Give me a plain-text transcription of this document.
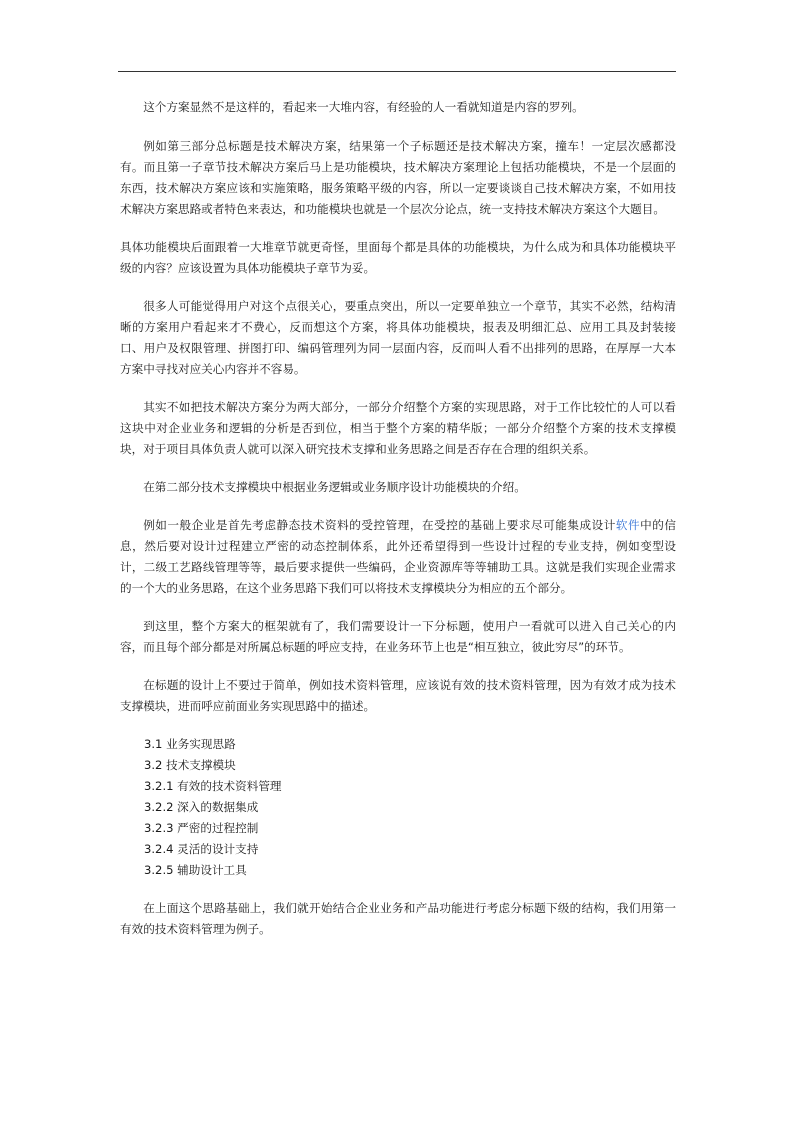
这个方案显然不是这样的，看起来一大堆内容，有经验的人一看就知道是内容的罗列。

例如第三部分总标题是技术解决方案，结果第一个子标题还是技术解决方案，撞车！一定层次感都没有。而且第一子章节技术解决方案后马上是功能模块，技术解决方案理论上包括功能模块，不是一个层面的东西，技术解决方案应该和实施策略，服务策略平级的内容，所以一定要谈谈自己技术解决方案，不如用技术解决方案思路或者特色来表达，和功能模块也就是一个层次分论点，统一支持技术解决方案这个大题目。

具体功能模块后面跟着一大堆章节就更奇怪，里面每个都是具体的功能模块，为什么成为和具体功能模块平级的内容？应该设置为具体功能模块子章节为妥。

很多人可能觉得用户对这个点很关心，要重点突出，所以一定要单独立一个章节，其实不必然，结构清晰的方案用户看起来才不费心，反而想这个方案，将具体功能模块，报表及明细汇总、应用工具及封装接口、用户及权限管理、拼图打印、编码管理列为同一层面内容，反而叫人看不出排列的思路，在厚厚一大本方案中寻找对应关心内容并不容易。

其实不如把技术解决方案分为两大部分，一部分介绍整个方案的实现思路，对于工作比较忙的人可以看这块中对企业业务和逻辑的分析是否到位，相当于整个方案的精华版；一部分介绍整个方案的技术支撑模块，对于项目具体负责人就可以深入研究技术支撑和业务思路之间是否存在合理的组织关系。

在第二部分技术支撑模块中根据业务逻辑或业务顺序设计功能模块的介绍。

例如一般企业是首先考虑静态技术资料的受控管理，在受控的基础上要求尽可能集成设计软件中的信息，然后要对设计过程建立严密的动态控制体系，此外还希望得到一些设计过程的专业支持，例如变型设计，二级工艺路线管理等等，最后要求提供一些编码，企业资源库等等辅助工具。这就是我们实现企业需求的一个大的业务思路，在这个业务思路下我们可以将技术支撑模块分为相应的五个部分。

到这里，整个方案大的框架就有了，我们需要设计一下分标题，使用户一看就可以进入自己关心的内容，而且每个部分都是对所属总标题的呼应支持，在业务环节上也是“相互独立，彼此穷尽”的环节。

在标题的设计上不要过于简单，例如技术资料管理，应该说有效的技术资料管理，因为有效才成为技术支撑模块，进而呼应前面业务实现思路中的描述。

3.1 业务实现思路
3.2 技术支撑模块
3.2.1 有效的技术资料管理
3.2.2 深入的数据集成
3.2.3 严密的过程控制
3.2.4 灵活的设计支持
3.2.5 辅助设计工具

在上面这个思路基础上，我们就开始结合企业业务和产品功能进行考虑分标题下级的结构，我们用第一有效的技术资料管理为例子。
